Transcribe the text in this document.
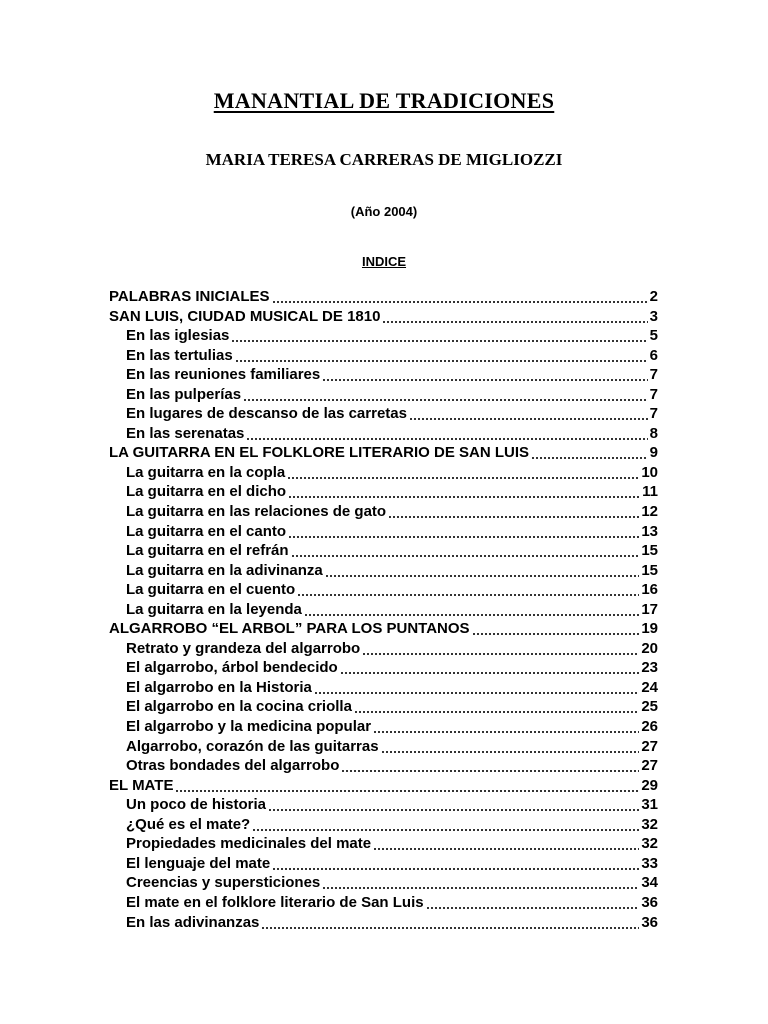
MANANTIAL DE TRADICIONES
MARIA TERESA CARRERAS DE MIGLIOZZI
(Año 2004)
INDICE
PALABRAS INICIALES	2
SAN LUIS, CIUDAD MUSICAL DE 1810	3
En las iglesias	5
En las tertulias	6
En las reuniones familiares	7
En las pulperías	7
En lugares de descanso de las carretas	7
En las serenatas	8
LA GUITARRA EN EL FOLKLORE LITERARIO DE SAN LUIS	9
La guitarra en la copla	10
La guitarra en el dicho	11
La guitarra en las relaciones de gato	12
La guitarra en el canto	13
La guitarra en el refrán	15
La guitarra en la adivinanza	15
La guitarra en el cuento	16
La guitarra en la leyenda	17
ALGARROBO “EL ARBOL” PARA LOS PUNTANOS	19
Retrato y grandeza del algarrobo	20
El algarrobo, árbol bendecido	23
El algarrobo en la Historia	24
El algarrobo en la cocina criolla	25
El algarrobo y la medicina popular	26
Algarrobo, corazón de las guitarras	27
Otras bondades del algarrobo	27
EL MATE	29
Un poco de historia	31
¿Qué es el mate?	32
Propiedades medicinales del mate	32
El lenguaje del mate	33
Creencias y supersticiones	34
El mate en el folklore literario de San Luis	36
En las adivinanzas	36
